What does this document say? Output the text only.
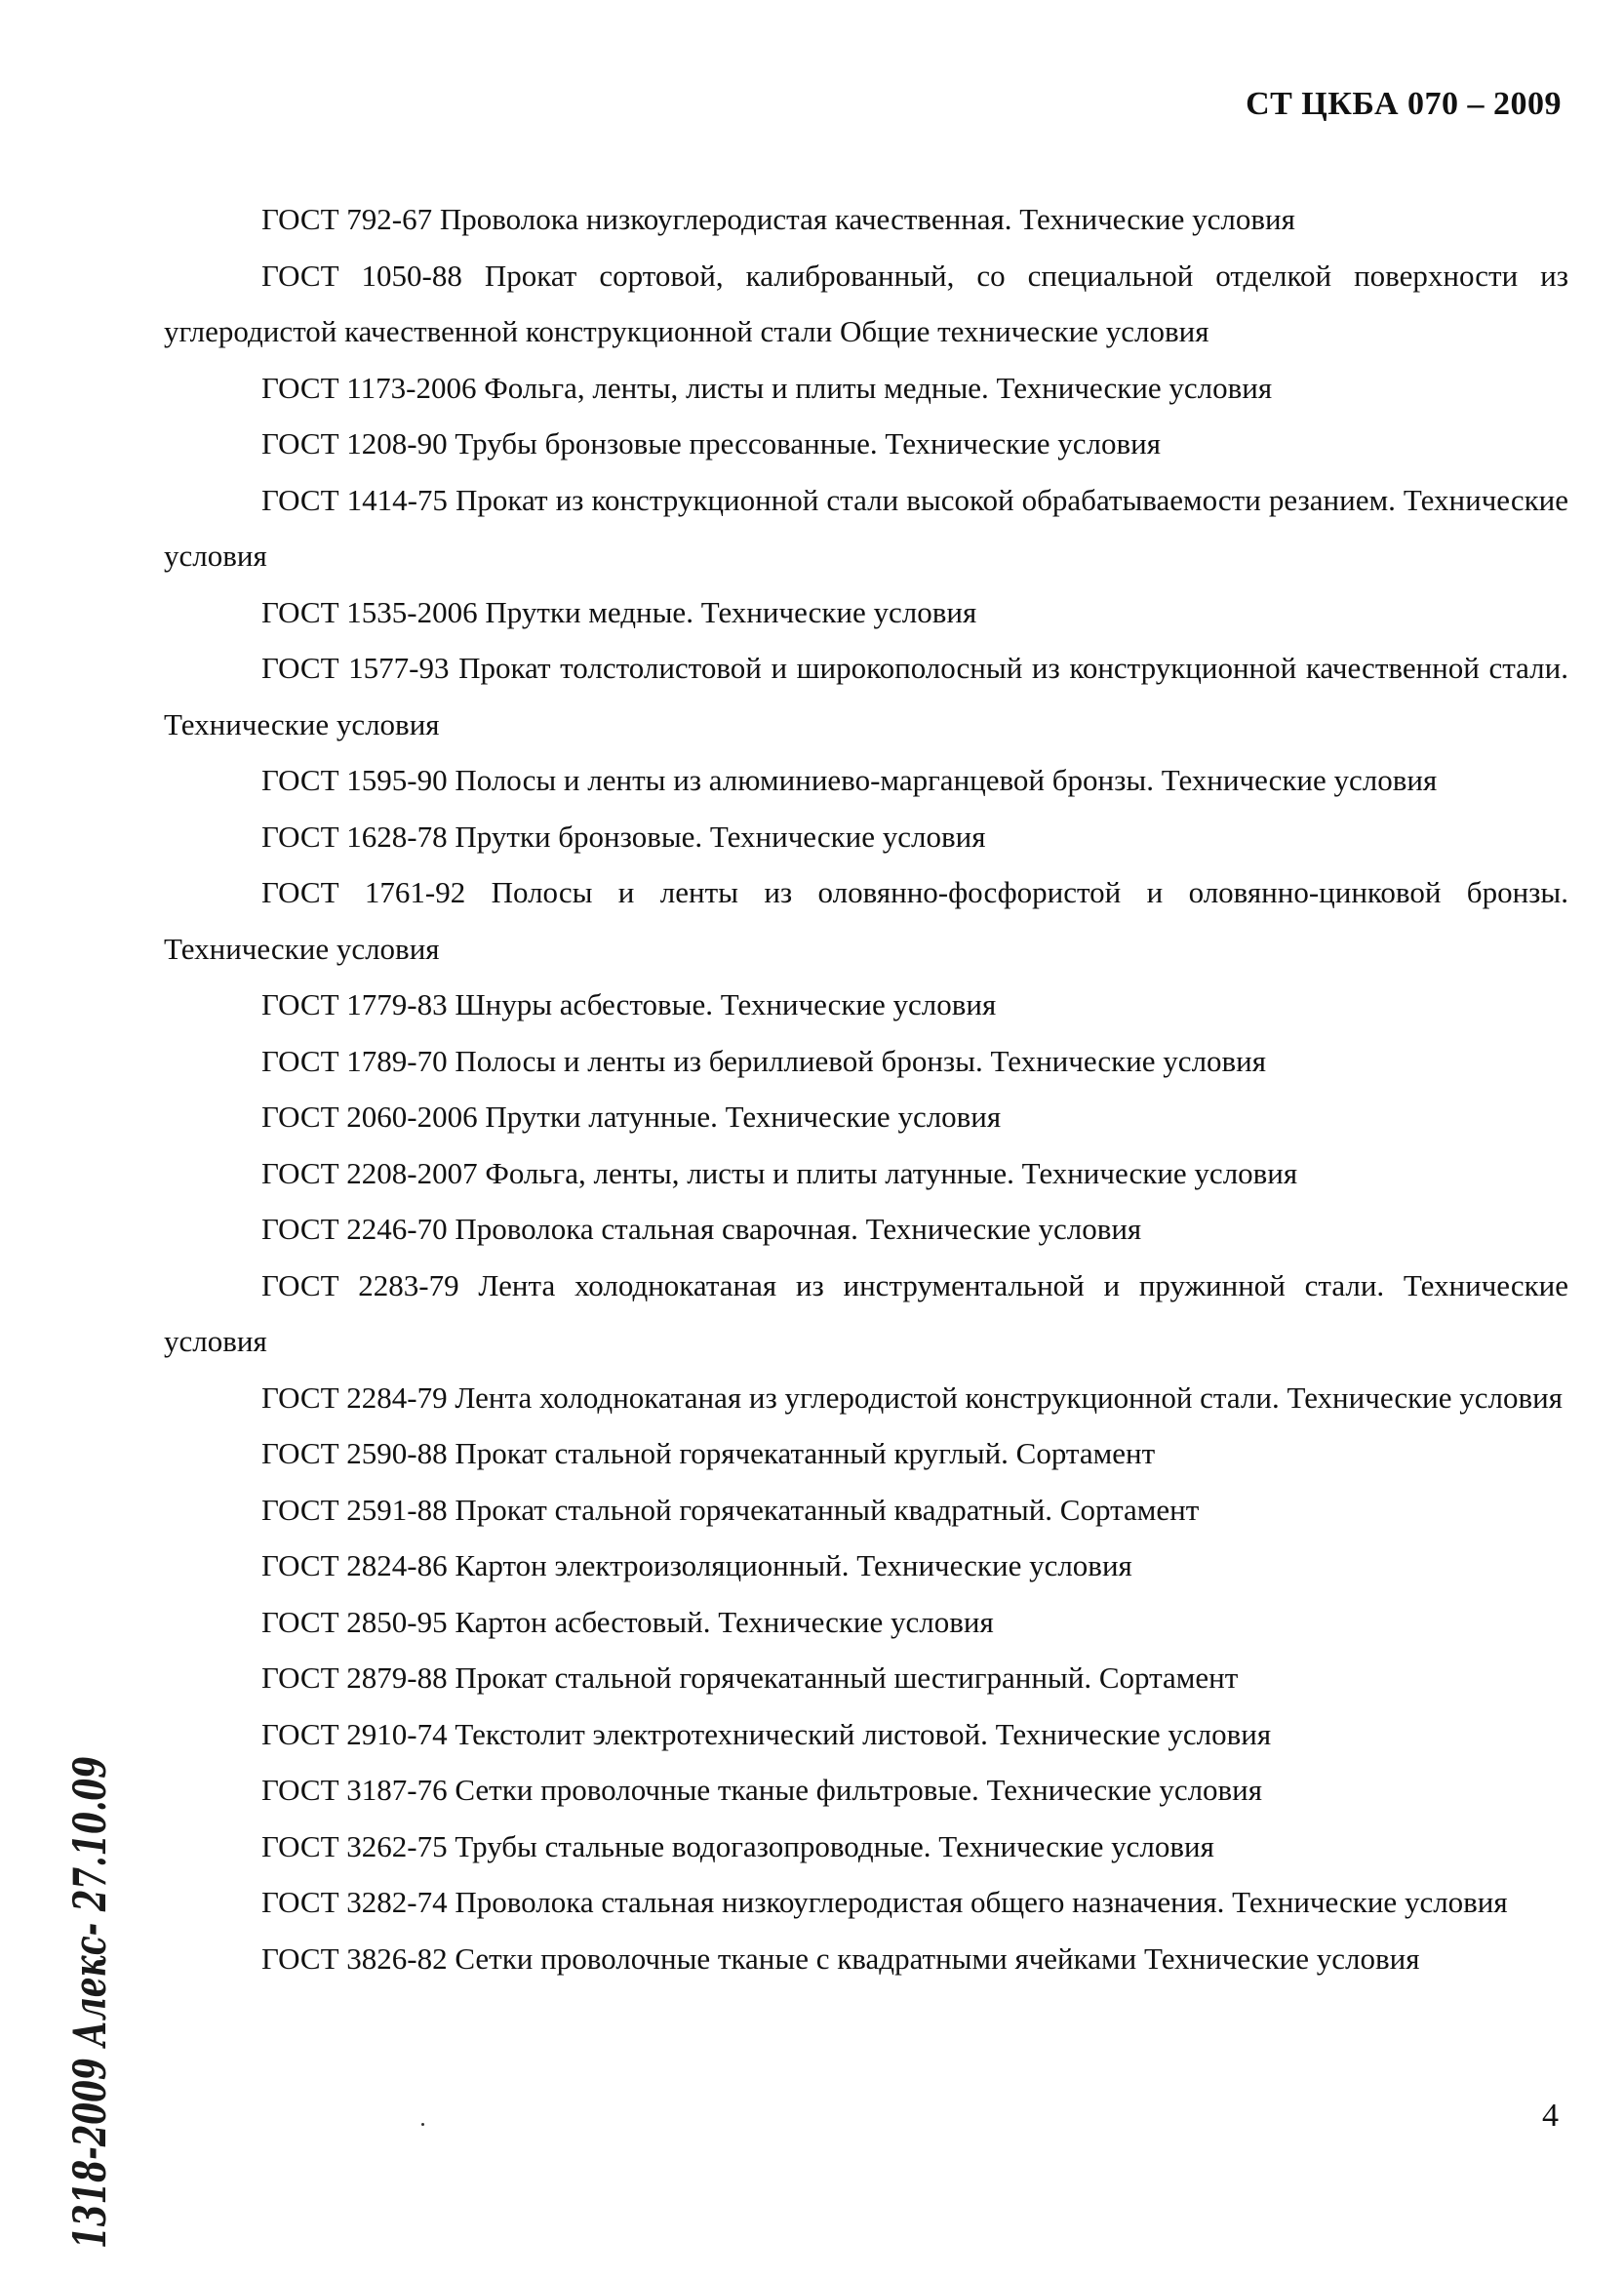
СТ ЦКБА 070 – 2009

ГОСТ 792-67 Проволока низкоуглеродистая качественная. Технические условия

ГОСТ 1050-88 Прокат сортовой, калиброванный, со специальной отделкой поверхности из углеродистой качественной конструкционной стали Общие технические условия

ГОСТ 1173-2006 Фольга, ленты, листы и плиты медные. Технические условия

ГОСТ 1208-90 Трубы бронзовые прессованные. Технические условия

ГОСТ 1414-75 Прокат из конструкционной стали высокой обрабатываемости резанием. Технические условия

ГОСТ 1535-2006 Прутки медные. Технические условия

ГОСТ 1577-93 Прокат толстолистовой и широкополосный из конструкционной качественной стали. Технические условия

ГОСТ 1595-90 Полосы и ленты из алюминиево-марганцевой бронзы. Технические условия

ГОСТ 1628-78 Прутки бронзовые. Технические условия

ГОСТ 1761-92 Полосы и ленты из оловянно-фосфористой и оловянно-цинковой бронзы. Технические условия

ГОСТ 1779-83 Шнуры асбестовые. Технические условия

ГОСТ 1789-70 Полосы и ленты из бериллиевой бронзы. Технические условия

ГОСТ 2060-2006 Прутки латунные. Технические условия

ГОСТ 2208-2007 Фольга, ленты, листы и плиты латунные. Технические условия

ГОСТ 2246-70 Проволока стальная сварочная. Технические условия

ГОСТ 2283-79 Лента холоднокатаная из инструментальной и пружинной стали. Технические условия

ГОСТ 2284-79 Лента холоднокатаная из углеродистой конструкционной стали. Технические условия

ГОСТ 2590-88 Прокат стальной горячекатанный круглый. Сортамент

ГОСТ 2591-88 Прокат стальной горячекатанный квадратный. Сортамент

ГОСТ 2824-86 Картон электроизоляционный. Технические условия

ГОСТ 2850-95 Картон асбестовый. Технические условия

ГОСТ 2879-88 Прокат стальной горячекатанный шестигранный. Сортамент

ГОСТ 2910-74 Текстолит электротехнический листовой. Технические условия

ГОСТ 3187-76 Сетки проволочные тканые фильтровые. Технические условия

ГОСТ 3262-75 Трубы стальные водогазопроводные. Технические условия

ГОСТ 3282-74 Проволока стальная низкоуглеродистая общего назначения. Технические условия

ГОСТ 3826-82 Сетки проволочные тканые с квадратными ячейками Технические условия

4
1318-2009 Алекс- 27.10.09
